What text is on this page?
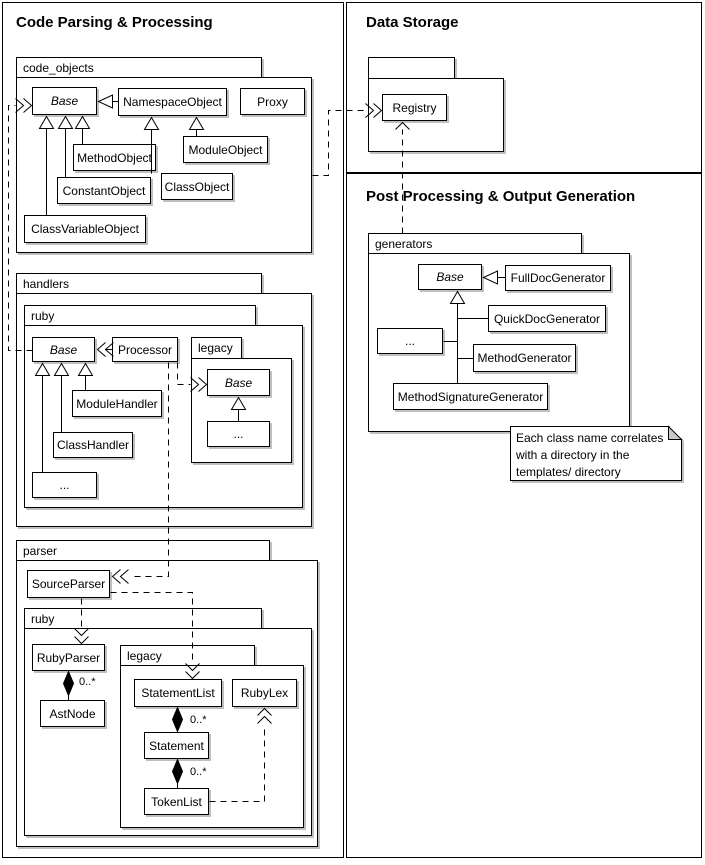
Code Parsing & Processing	Data Storage
Post Processing & Output Generation
code_objects
handlers
ruby
legacy
parser
ruby
legacy
generators
Base	NamespaceObject	Proxy
MethodObject
ModuleObject
ConstantObject	ClassObject
ClassVariableObject
Base	Processor
ModuleHandler
ClassHandler
...
Base
...
SourceParser
RubyParser
AstNode
StatementList	RubyLex
Statement
TokenList
Registry
Base	FullDocGenerator
QuickDocGenerator
...
MethodGenerator
MethodSignatureGenerator
Each class name correlates
with a directory in the
templates/ directory
0..*
0..*
0..*
